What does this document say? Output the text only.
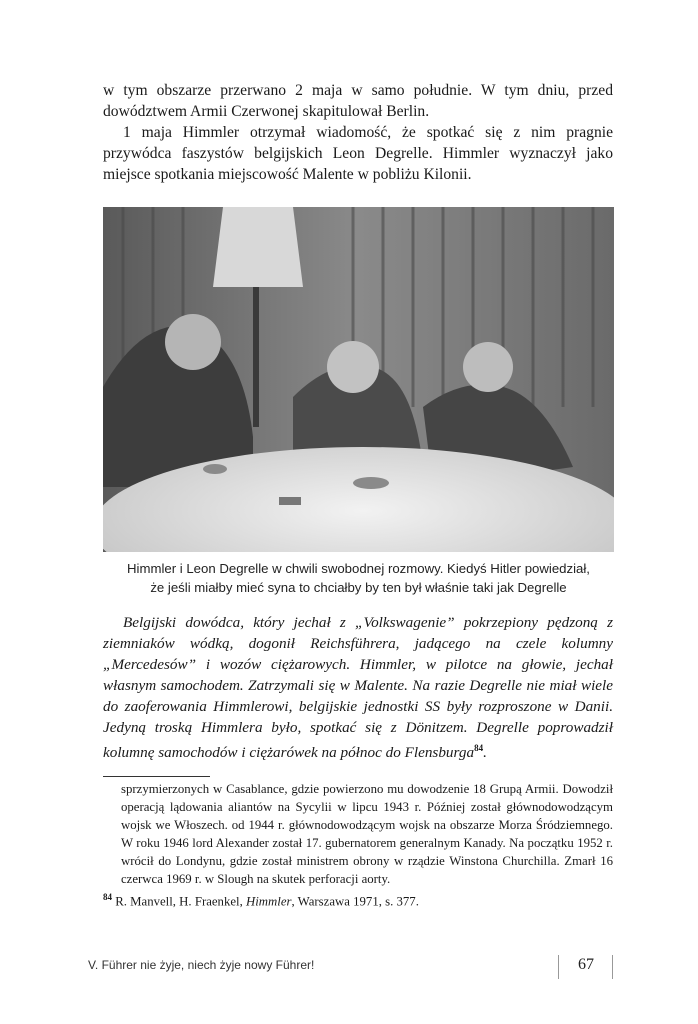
w tym obszarze przerwano 2 maja w samo południe. W tym dniu, przed dowództwem Armii Czerwonej skapitulował Berlin.

1 maja Himmler otrzymał wiadomość, że spotkać się z nim pragnie przywódca faszystów belgijskich Leon Degrelle. Himmler wyznaczył jako miejsce spotkania miejscowość Malente w pobliżu Kilonii.

Himmler i Leon Degrelle w chwili swobodnej rozmowy. Kiedyś Hitler powiedział,
że jeśli miałby mieć syna to chciałby by ten był właśnie taki jak Degrelle

Belgijski dowódca, który jechał z „Volkswagenie” pokrzepiony pędzoną z ziemniaków wódką, dogonił Reichsführera, jadącego na czele kolumny „Mercedesów” i wozów ciężarowych. Himmler, w pilotce na głowie, jechał własnym samochodem. Zatrzymali się w Malente. Na razie Degrelle nie miał wiele do zaoferowania Himmlerowi, belgijskie jednostki SS były rozproszone w Danii. Jedyną troską Himmlera było, spotkać się z Dönitzem. Degrelle poprowadził kolumnę samochodów i ciężarówek na północ do Flensburga$^{84}$.

sprzymierzonych w Casablance, gdzie powierzono mu dowodzenie 18 Grupą Armii. Dowodził operacją lądowania aliantów na Sycylii w lipcu 1943 r. Później został głównodowodzącym wojsk we Włoszech. od 1944 r. głównodowodzącym wojsk na obszarze Morza Śródziemnego. W roku 1946 lord Alexander został 17. gubernatorem generalnym Kanady. Na początku 1952 r. wrócił do Londynu, gdzie został ministrem obrony w rządzie Winstona Churchilla. Zmarł 16 czerwca 1969 r. w Slough na skutek perforacji aorty.

$^{84}$ R. Manvell, H. Fraenkel, Himmler, Warszawa 1971, s. 377.

V. Führer nie żyje, niech żyje nowy Führer!	67
